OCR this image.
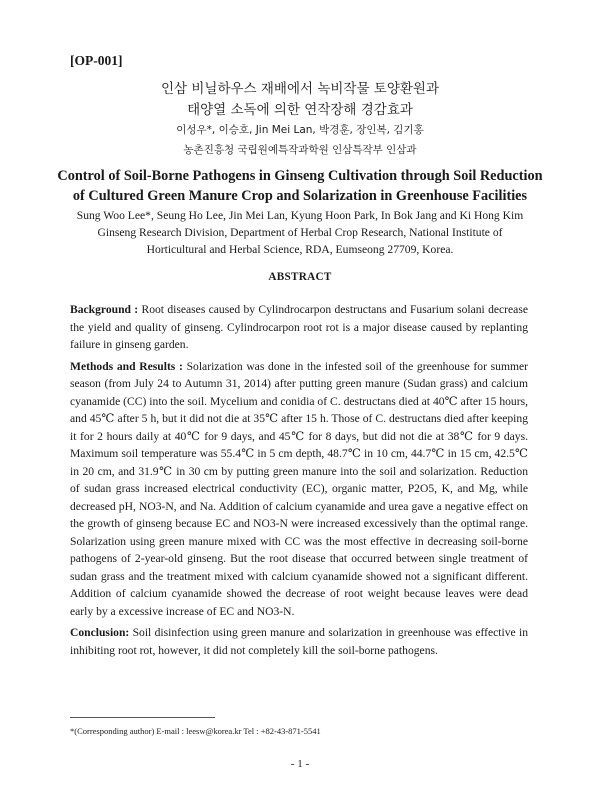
[OP-001]
인삼 비닐하우스 재배에서 녹비작물 토양환원과
태양열 소독에 의한 연작장해 경감효과
이성우*, 이승호, Jin Mei Lan, 박경훈, 장인복, 김기홍
농촌진흥청 국립원예특작과학원 인삼특작부 인삼과
Control of Soil-Borne Pathogens in Ginseng Cultivation through Soil Reduction
of Cultured Green Manure Crop and Solarization in Greenhouse Facilities
Sung Woo Lee*, Seung Ho Lee, Jin Mei Lan, Kyung Hoon Park, In Bok Jang and Ki Hong Kim
Ginseng Research Division, Department of Herbal Crop Research, National Institute of
Horticultural and Herbal Science, RDA, Eumseong 27709, Korea.
ABSTRACT

Background : Root diseases caused by Cylindrocarpon destructans and Fusarium solani decrease the yield and quality of ginseng. Cylindrocarpon root rot is a major disease caused by replanting failure in ginseng garden.

Methods and Results : Solarization was done in the infested soil of the greenhouse for summer season (from July 24 to Autumn 31, 2014) after putting green manure (Sudan grass) and calcium cyanamide (CC) into the soil. Mycelium and conidia of C. destructans died at 40℃ after 15 hours, and 45℃ after 5 h, but it did not die at 35℃ after 15 h. Those of C. destructans died after keeping it for 2 hours daily at 40℃ for 9 days, and 45℃ for 8 days, but did not die at 38℃ for 9 days. Maximum soil temperature was 55.4℃ in 5 cm depth, 48.7℃ in 10 cm, 44.7℃ in 15 cm, 42.5℃ in 20 cm, and 31.9℃ in 30 cm by putting green manure into the soil and solarization. Reduction of sudan grass increased electrical conductivity (EC), organic matter, P2O5, K, and Mg, while decreased pH, NO3-N, and Na. Addition of calcium cyanamide and urea gave a negative effect on the growth of ginseng because EC and NO3-N were increased excessively than the optimal range. Solarization using green manure mixed with CC was the most effective in decreasing soil-borne pathogens of 2-year-old ginseng. But the root disease that occurred between single treatment of sudan grass and the treatment mixed with calcium cyanamide showed not a significant different. Addition of calcium cyanamide showed the decrease of root weight because leaves were dead early by a excessive increase of EC and NO3-N.

Conclusion: Soil disinfection using green manure and solarization in greenhouse was effective in inhibiting root rot, however, it did not completely kill the soil-borne pathogens.

*(Corresponding author) E-mail : leesw@korea.kr Tel : +82-43-871-5541
- 1 -
